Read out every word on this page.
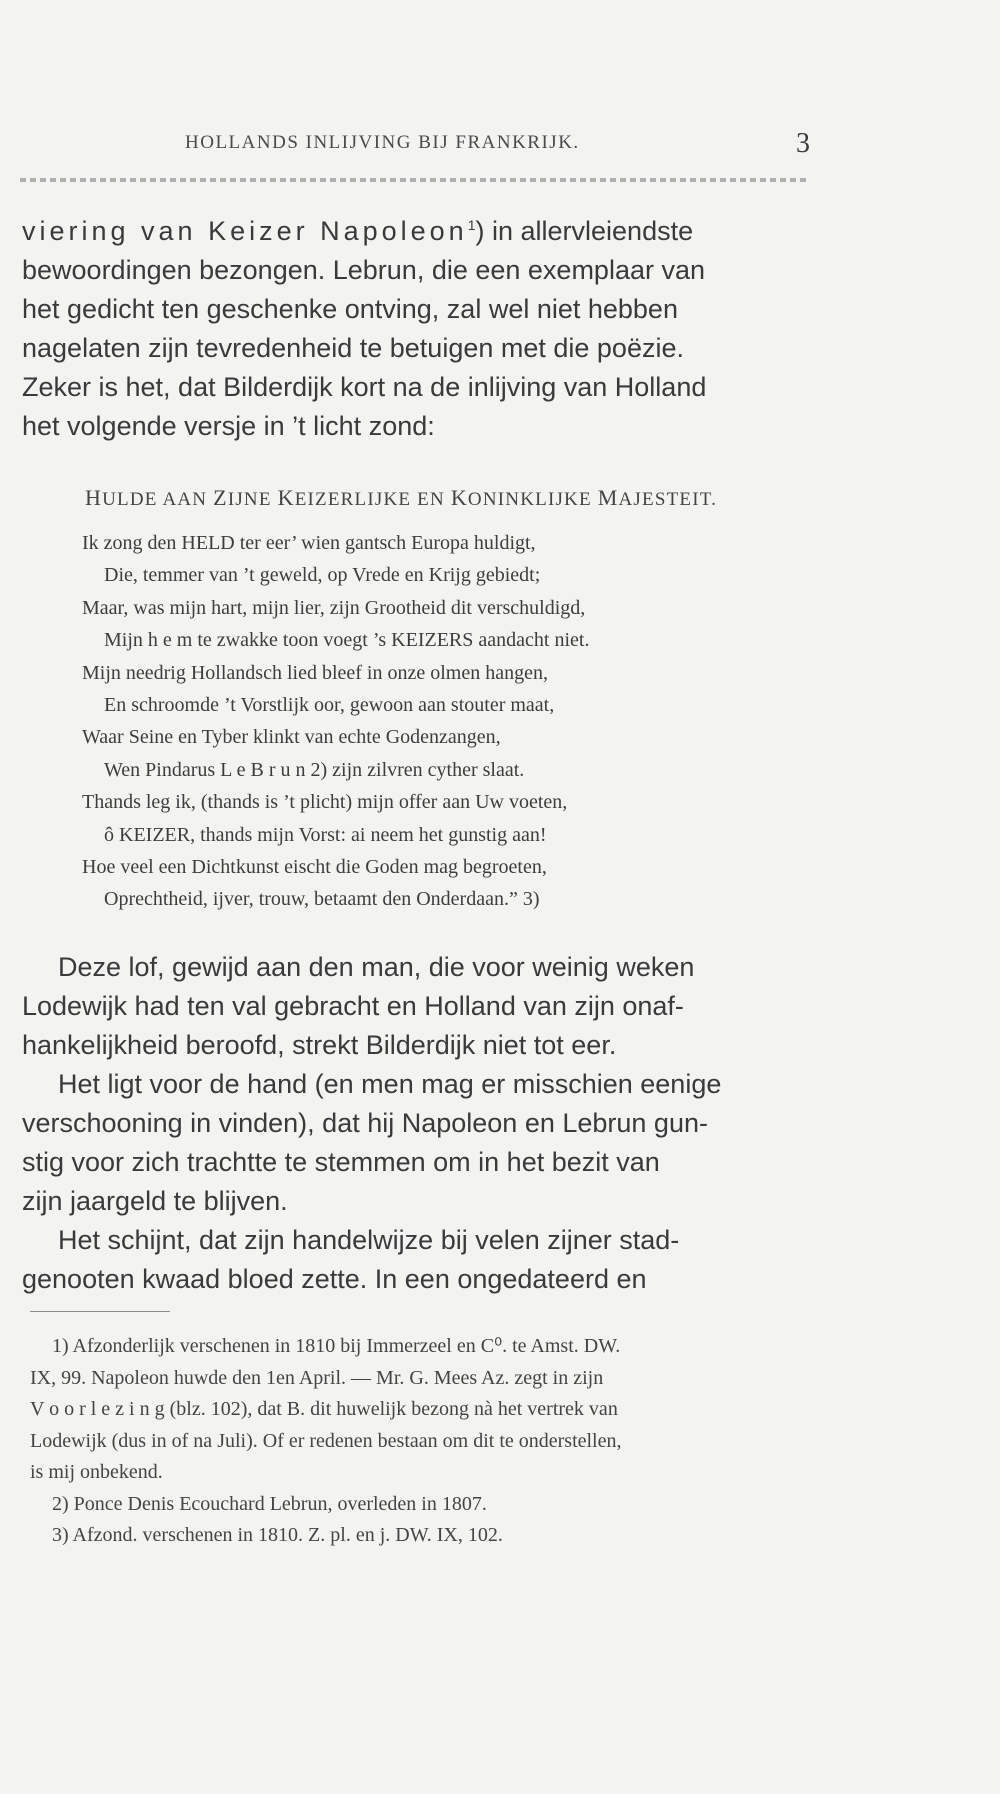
HOLLANDS INLIJVING BIJ FRANKRIJK.	3

viering van Keizer Napoleon$^1$) in allervleiendste

bewoordingen bezongen. Lebrun, die een exemplaar van

het gedicht ten geschenke ontving, zal wel niet hebben

nagelaten zijn tevredenheid te betuigen met die poëzie.

Zeker is het, dat Bilderdijk kort na de inlijving van Holland

het volgende versje in ’t licht zond:

HULDE AAN ZIJNE KEIZERLIJKE EN KONINKLIJKE MAJESTEIT.

Ik zong den HELD ter eer’ wien gantsch Europa huldigt,
Die, temmer van ’t geweld, op Vrede en Krijg gebiedt;
Maar, was mijn hart, mijn lier, zijn Grootheid dit verschuldigd,
Mijn h e m te zwakke toon voegt ’s KEIZERS aandacht niet.
Mijn needrig Hollandsch lied bleef in onze olmen hangen,
En schroomde ’t Vorstlijk oor, gewoon aan stouter maat,
Waar Seine en Tyber klinkt van echte Godenzangen,
Wen Pindarus L e B r u n 2) zijn zilvren cyther slaat.
Thands leg ik, (thands is ’t plicht) mijn offer aan Uw voeten,
ô KEIZER, thands mijn Vorst: ai neem het gunstig aan!
Hoe veel een Dichtkunst eischt die Goden mag begroeten,
Oprechtheid, ijver, trouw, betaamt den Onderdaan.” 3)

Deze lof, gewijd aan den man, die voor weinig weken

Lodewijk had ten val gebracht en Holland van zijn onaf-

hankelijkheid beroofd, strekt Bilderdijk niet tot eer.

Het ligt voor de hand (en men mag er misschien eenige

verschooning in vinden), dat hij Napoleon en Lebrun gun-

stig voor zich trachtte te stemmen om in het bezit van

zijn jaargeld te blijven.

Het schijnt, dat zijn handelwijze bij velen zijner stad-

genooten kwaad bloed zette. In een ongedateerd en

1) Afzonderlijk verschenen in 1810 bij Immerzeel en C⁰. te Amst. DW.

IX, 99. Napoleon huwde den 1en April. — Mr. G. Mees Az. zegt in zijn

V o o r l e z i n g (blz. 102), dat B. dit huwelijk bezong nà het vertrek van

Lodewijk (dus in of na Juli). Of er redenen bestaan om dit te onderstellen,

is mij onbekend.

2) Ponce Denis Ecouchard Lebrun, overleden in 1807.

3) Afzond. verschenen in 1810. Z. pl. en j. DW. IX, 102.
